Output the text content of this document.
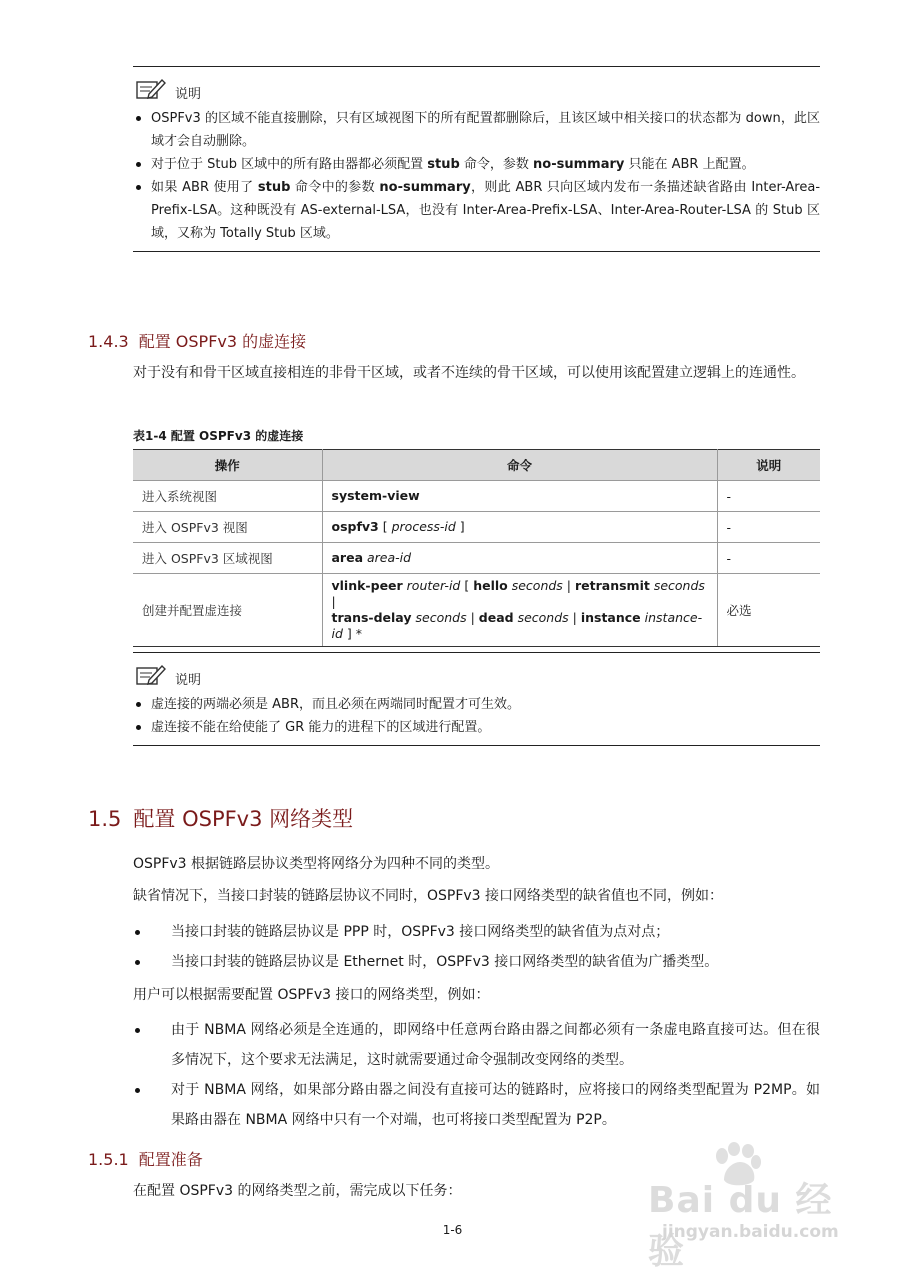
说明
OSPFv3 的区域不能直接删除，只有区域视图下的所有配置都删除后，且该区域中相关接口的状态都为 down，此区域才会自动删除。
对于位于 Stub 区域中的所有路由器都必须配置 stub 命令，参数 no-summary 只能在 ABR 上配置。
如果 ABR 使用了 stub 命令中的参数 no-summary，则此 ABR 只向区域内发布一条描述缺省路由 Inter-Area-Prefix-LSA。这种既没有 AS-external-LSA，也没有 Inter-Area-Prefix-LSA、Inter-Area-Router-LSA 的 Stub 区域，又称为 Totally Stub 区域。
1.4.3 配置 OSPFv3 的虚连接
对于没有和骨干区域直接相连的非骨干区域，或者不连续的骨干区域，可以使用该配置建立逻辑上的连通性。
表1-4 配置 OSPFv3 的虚连接
操作	命令	说明
进入系统视图	system-view	-
进入 OSPFv3 视图	ospfv3 [ process-id ]	-
进入 OSPFv3 区域视图	area area-id	-
创建并配置虚连接	vlink-peer router-id [ hello seconds | retransmit seconds |
trans-delay seconds | dead seconds | instance instance-id ] *	必选
说明
虚连接的两端必须是 ABR，而且必须在两端同时配置才可生效。
虚连接不能在给使能了 GR 能力的进程下的区域进行配置。
1.5 配置 OSPFv3 网络类型
OSPFv3 根据链路层协议类型将网络分为四种不同的类型。
缺省情况下，当接口封装的链路层协议不同时，OSPFv3 接口网络类型的缺省值也不同，例如：
当接口封装的链路层协议是 PPP 时，OSPFv3 接口网络类型的缺省值为点对点；
当接口封装的链路层协议是 Ethernet 时，OSPFv3 接口网络类型的缺省值为广播类型。
用户可以根据需要配置 OSPFv3 接口的网络类型，例如：
由于 NBMA 网络必须是全连通的，即网络中任意两台路由器之间都必须有一条虚电路直接可达。但在很多情况下，这个要求无法满足，这时就需要通过命令强制改变网络的类型。
对于 NBMA 网络，如果部分路由器之间没有直接可达的链路时，应将接口的网络类型配置为 P2MP。如果路由器在 NBMA 网络中只有一个对端，也可将接口类型配置为 P2P。
1.5.1 配置准备
在配置 OSPFv3 的网络类型之前，需完成以下任务：
1-6
Bai du 经验
jingyan.baidu.com
